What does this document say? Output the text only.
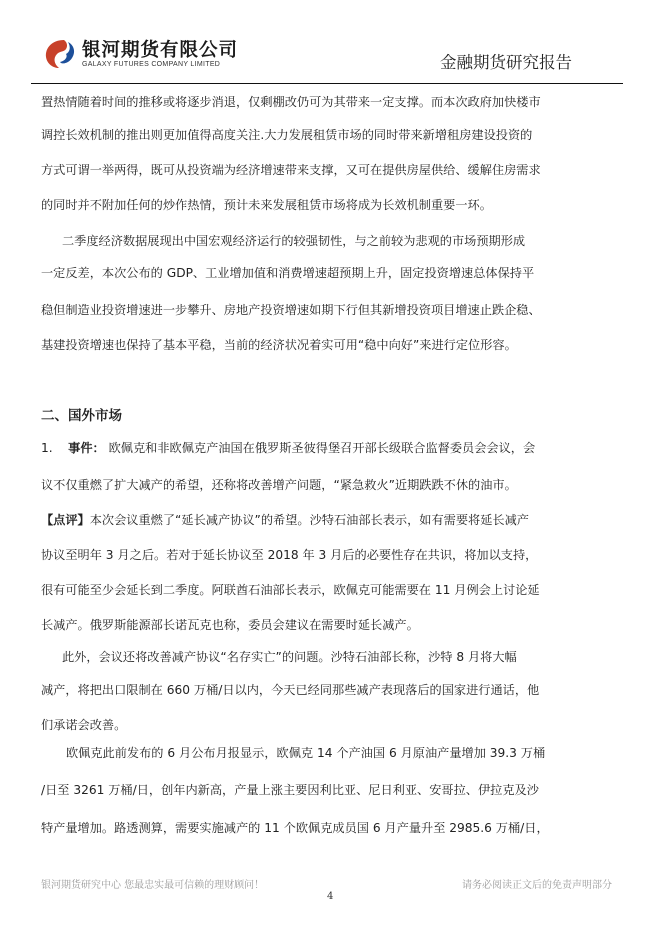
银河期货有限公司
GALAXY FUTURES COMPANY LIMITED	金融期货研究报告
置热情随着时间的推移或将逐步消退，仅剩棚改仍可为其带来一定支撑。而本次政府加快楼市
调控长效机制的推出则更加值得高度关注.大力发展租赁市场的同时带来新增租房建设投资的
方式可谓一举两得，既可从投资端为经济增速带来支撑，又可在提供房屋供给、缓解住房需求
的同时并不附加任何的炒作热情，预计未来发展租赁市场将成为长效机制重要一环。
二季度经济数据展现出中国宏观经济运行的较强韧性，与之前较为悲观的市场预期形成
一定反差，本次公布的 GDP、工业增加值和消费增速超预期上升，固定投资增速总体保持平
稳但制造业投资增速进一步攀升、房地产投资增速如期下行但其新增投资项目增速止跌企稳、
基建投资增速也保持了基本平稳，当前的经济状况着实可用“稳中向好”来进行定位形容。
二、国外市场
1. 事件： 欧佩克和非欧佩克产油国在俄罗斯圣彼得堡召开部长级联合监督委员会会议，会
议不仅重燃了扩大减产的希望，还称将改善增产问题，“紧急救火”近期跌跌不休的油市。
【点评】本次会议重燃了“延长减产协议”的希望。沙特石油部长表示，如有需要将延长减产
协议至明年 3 月之后。若对于延长协议至 2018 年 3 月后的必要性存在共识，将加以支持，
很有可能至少会延长到二季度。阿联酋石油部长表示，欧佩克可能需要在 11 月例会上讨论延
长减产。俄罗斯能源部长诺瓦克也称，委员会建议在需要时延长减产。
此外，会议还将改善减产协议“名存实亡”的问题。沙特石油部长称，沙特 8 月将大幅
减产，将把出口限制在 660 万桶/日以内，今天已经同那些减产表现落后的国家进行通话，他
们承诺会改善。
欧佩克此前发布的 6 月公布月报显示，欧佩克 14 个产油国 6 月原油产量增加 39.3 万桶
/日至 3261 万桶/日，创年内新高，产量上涨主要因利比亚、尼日利亚、安哥拉、伊拉克及沙
特产量增加。路透测算，需要实施减产的 11 个欧佩克成员国 6 月产量升至 2985.6 万桶/日，
银河期货研究中心 您最忠实最可信赖的理财顾问！	请务必阅读正文后的免责声明部分
4
